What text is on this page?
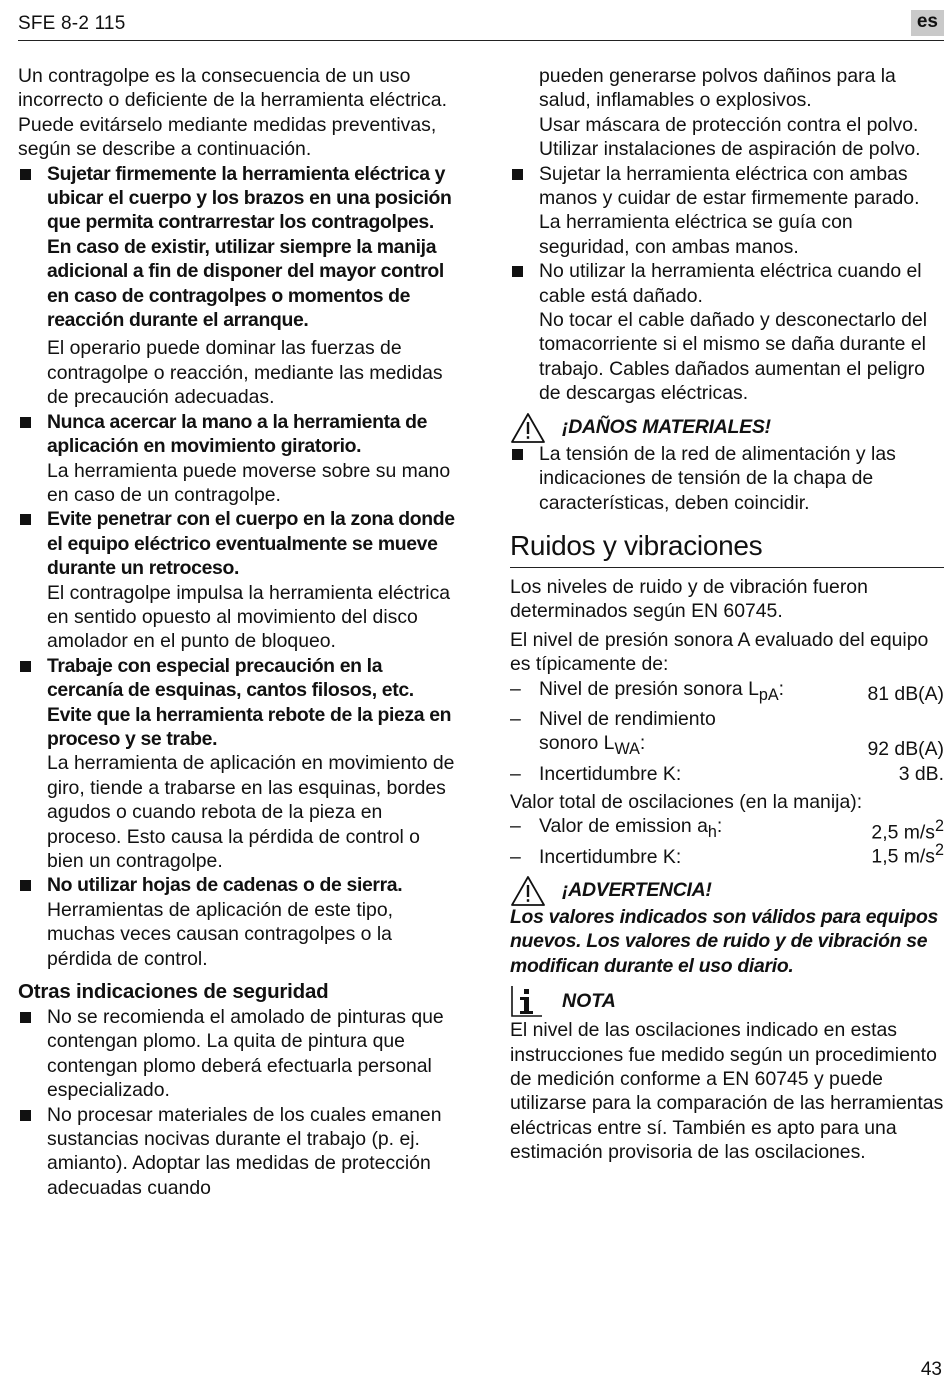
SFE 8-2 115	es

Un contragolpe es la consecuencia de un uso incorrecto o deficiente de la herramienta eléctrica. Puede evitárselo mediante medidas preventivas, según se describe a continuación.

Sujetar firmemente la herramienta eléctrica y ubicar el cuerpo y los brazos en una posición que permita contrarrestar los contragolpes. En caso de existir, utilizar siempre la manija adicional a fin de disponer del mayor control en caso de contragolpes o momentos de reacción durante el arranque.

El operario puede dominar las fuerzas de contragolpe o reacción, mediante las medidas de precaución adecuadas.

Nunca acercar la mano a la herramienta de aplicación en movimiento giratorio.

La herramienta puede moverse sobre su mano en caso de un contragolpe.

Evite penetrar con el cuerpo en la zona donde el equipo eléctrico eventualmente se mueve durante un retroceso.

El contragolpe impulsa la herramienta eléctrica en sentido opuesto al movimiento del disco amolador en el punto de bloqueo.

Trabaje con especial precaución en la cercanía de esquinas, cantos filosos, etc. Evite que la herramienta rebote de la pieza en proceso y se trabe.

La herramienta de aplicación en movimiento de giro, tiende a trabarse en las esquinas, bordes agudos o cuando rebota de la pieza en proceso. Esto causa la pérdida de control o bien un contragolpe.

No utilizar hojas de cadenas o de sierra.

Herramientas de aplicación de este tipo, muchas veces causan contragolpes o la pérdida de control.

Otras indicaciones de seguridad

No se recomienda el amolado de pinturas que contengan plomo. La quita de pintura que contengan plomo deberá efectuarla personal especializado.

No procesar materiales de los cuales emanen sustancias nocivas durante el trabajo (p. ej. amianto). Adoptar las medidas de protección adecuadas cuando

pueden generarse polvos dañinos para la salud, inflamables o explosivos.

Usar máscara de protección contra el polvo. Utilizar instalaciones de aspiración de polvo.

Sujetar la herramienta eléctrica con ambas manos y cuidar de estar firmemente parado. La herramienta eléctrica se guía con seguridad, con ambas manos.

No utilizar la herramienta eléctrica cuando el cable está dañado.

No tocar el cable dañado y desconectarlo del tomacorriente si el mismo se daña durante el trabajo. Cables dañados aumentan el peligro de descargas eléctricas.

¡DAÑOS MATERIALES!

La tensión de la red de alimentación y las indicaciones de tensión de la chapa de características, deben coincidir.

Ruidos y vibraciones

Los niveles de ruido y de vibración fueron determinados según EN 60745.

El nivel de presión sonora A evaluado del equipo es típicamente de:

– Nivel de presión sonora $L_{pA}$:	81 dB(A)
– Nivel de rendimiento
sonoro $L_{WA}$:	92 dB(A)
– Incertidumbre K:	3 dB.

Valor total de oscilaciones (en la manija):

– Valor de emission $a_h$:	2,5 $m/s^2$
– Incertidumbre K:	1,5 $m/s^2$
¡ADVERTENCIA!

Los valores indicados son válidos para equipos nuevos. Los valores de ruido y de vibración se modifican durante el uso diario.

NOTA

El nivel de las oscilaciones indicado en estas instrucciones fue medido según un procedimiento de medición conforme a EN 60745 y puede utilizarse para la comparación de las herramientas eléctricas entre sí. También es apto para una estimación provisoria de las oscilaciones.

43
